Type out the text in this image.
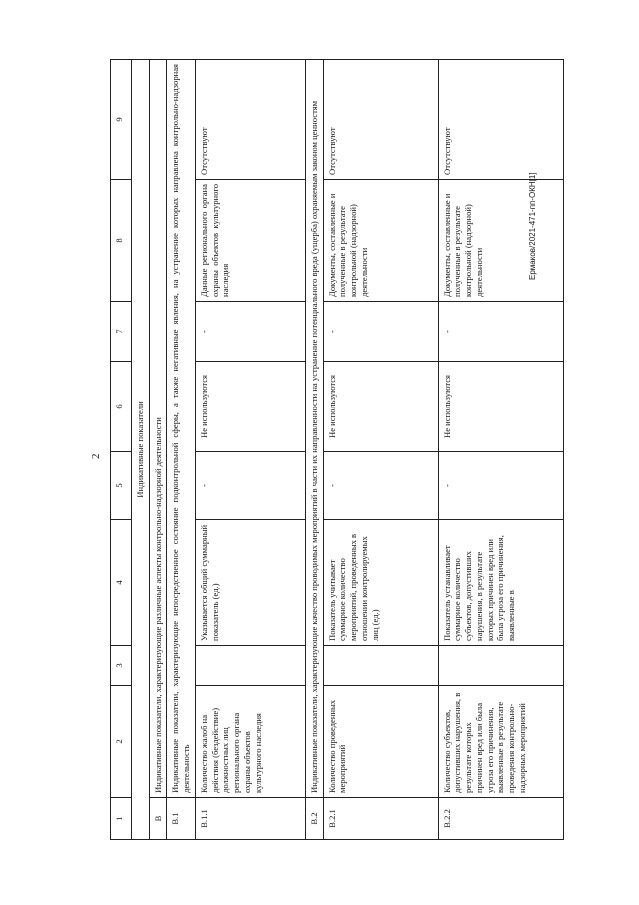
2
1	2	3	4	5	6	7	8	9
Индикативные показатели								
В	Индикативные показатели, характеризующие различные аспекты контрольно-надзорной деятельности							
В.1	Индикативные показатели, характеризующие непосредственное состояние подконтрольной сферы, а также негативные явления, на устранение которых направлена контрольно-надзорная деятельность							
В.1.1	Количество жалоб на действия (бездействие) должностных лиц регионального органа охраны объектов культурного наследия		Указывается общий суммарный показатель (ед.)	-	Не используются	-	Данные регионального органа охраны объектов культурного наследия	Отсутствуют
В.2	Индикативные показатели, характеризующие качество проводимых мероприятий в части их направленности на устранение потенциального вреда (ущерба) охраняемым законом ценностям							
В.2.1	Количество проведенных мероприятий		Показатель учитывает суммарное количество мероприятий, проведенных в отношении контролируемых лиц (ед.)	-	Не используются	-	Документы, составленные и полученные в результате контрольной (надзорной) деятельности	Отсутствуют
В.2.2	Количество субъектов, допустивших нарушения, в результате которых причинен вред или была угроза его причинения, выявленные в результате проведения контрольно-надзорных мероприятий		Показатель устанавливает суммарное количество субъектов, допустивших нарушения, в результате которых причинен вред или была угроза его причинения, выявленные в	-	Не используются	-	Документы, составленные и полученные в результате контрольной (надзорной) деятельности	Отсутствуют
Ермаков/2021-471-пп-ОКН[1]
